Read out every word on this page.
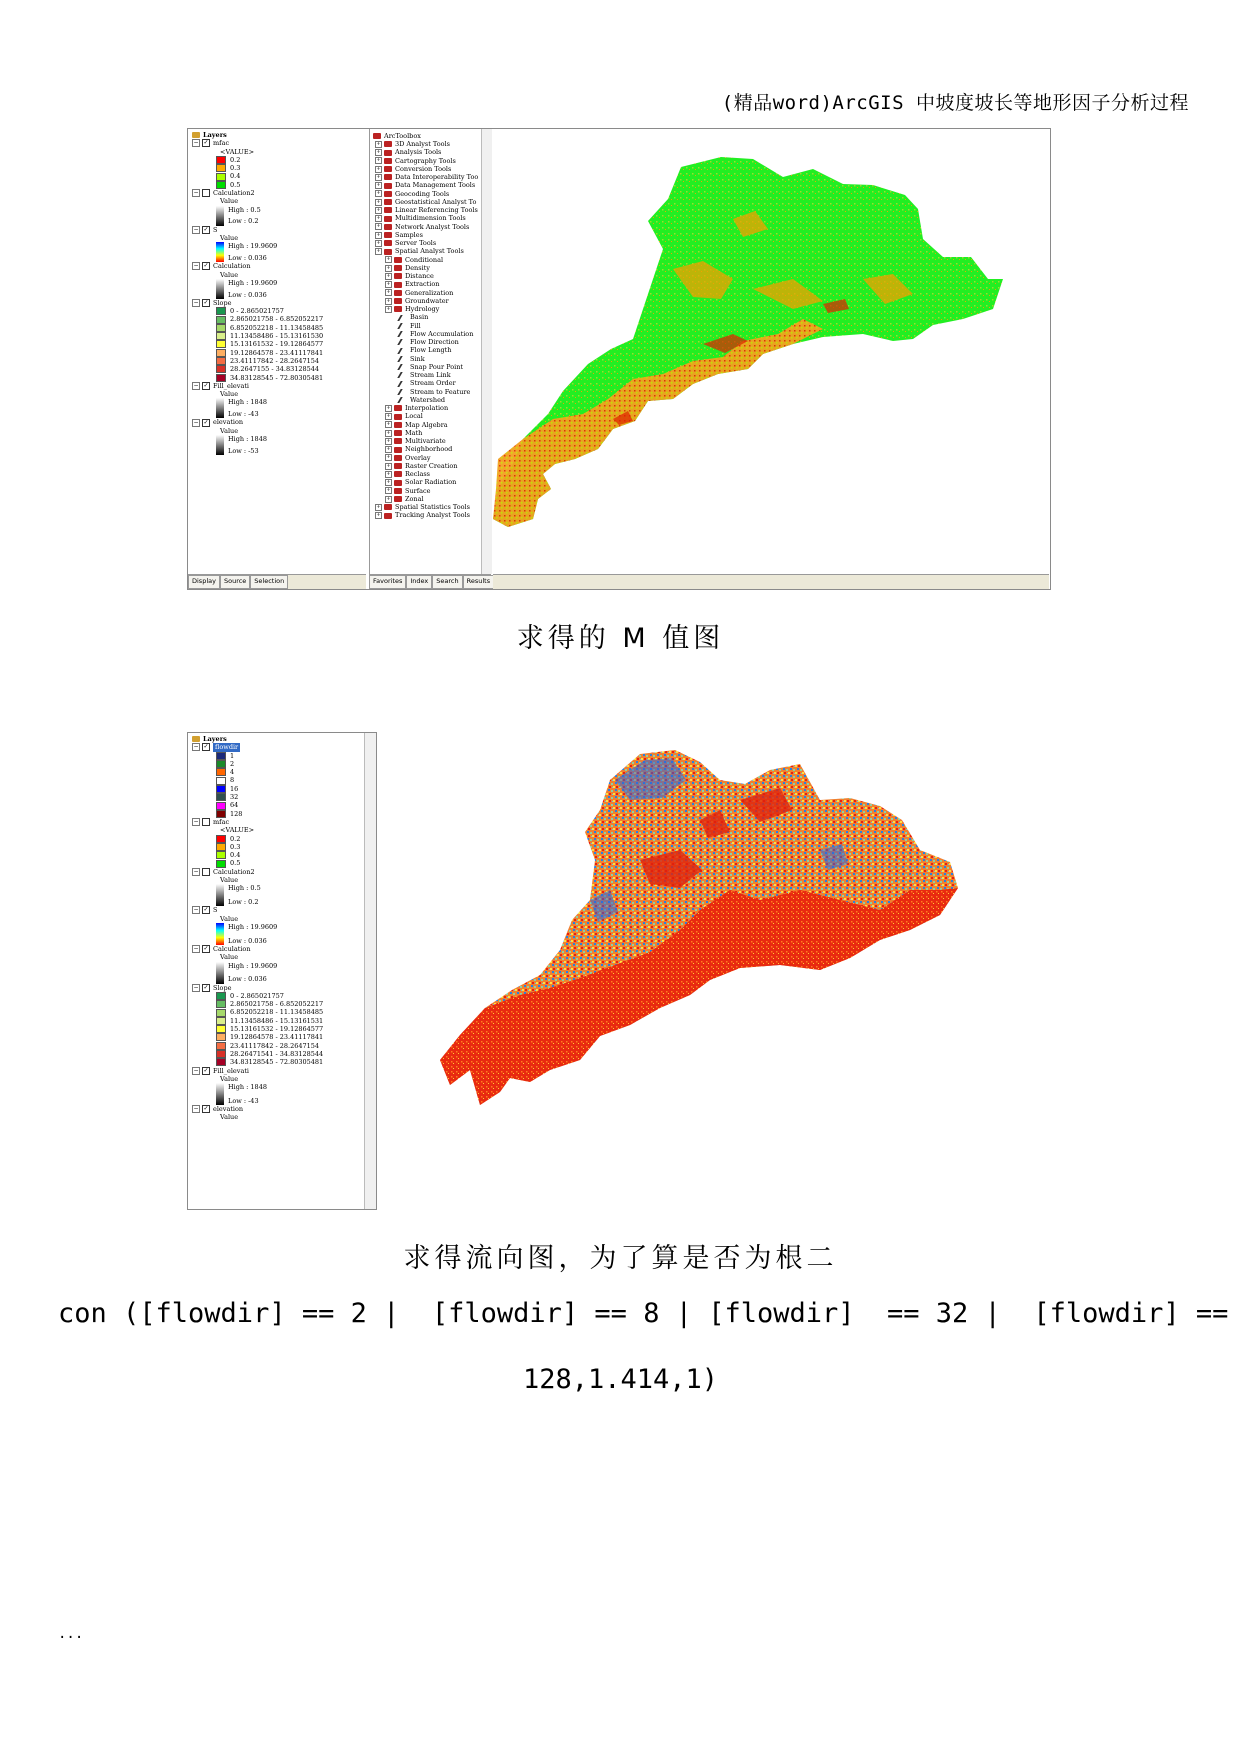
(精品word)ArcGIS 中坡度坡长等地形因子分析过程
Layers
− ✓ mfac
<VALUE>
0.2
0.3
0.4
0.5
− Calculation2
Value
High : 0.5
Low : 0.2
− ✓ S
Value
High : 19.9609
Low : 0.036
− ✓ Calculation
Value
High : 19.9609
Low : 0.036
− ✓ Slope
0 - 2.865021757
2.865021758 - 6.852052217
6.852052218 - 11.13458485
11.13458486 - 15.13161530
15.13161532 - 19.12864577
19.12864578 - 23.41117841
23.41117842 - 28.2647154
28.2647155 - 34.83128544
34.83128545 - 72.80305481
− ✓ Fill_elevati
Value
High : 1848
Low : -43
− ✓ elevation
Value
High : 1848
Low : -53
Display	Source	Selection
ArcToolbox
+ 3D Analyst Tools
+ Analysis Tools
+ Cartography Tools
+ Conversion Tools
+ Data Interoperability Too
+ Data Management Tools
+ Geocoding Tools
+ Geostatistical Analyst To
+ Linear Referencing Tools
+ Multidimension Tools
+ Network Analyst Tools
+ Samples
+ Server Tools
+ Spatial Analyst Tools
+ Conditional
+ Density
+ Distance
+ Extraction
+ Generalization
+ Groundwater
+ Hydrology
Basin
Fill
Flow Accumulation
Flow Direction
Flow Length
Sink
Snap Pour Point
Stream Link
Stream Order
Stream to Feature
Watershed
+ Interpolation
+ Local
+ Map Algebra
+ Math
+ Multivariate
+ Neighborhood
+ Overlay
+ Raster Creation
+ Reclass
+ Solar Radiation
+ Surface
+ Zonal
+ Spatial Statistics Tools
+ Tracking Analyst Tools
Favorites	Index	Search	Results
求得的 M 值图
Layers
− ✓ flowdir
1
2
4
8
16
32
64
128
− mfac
<VALUE>
0.2
0.3
0.4
0.5
− Calculation2
Value
High : 0.5
Low : 0.2
− ✓ S
Value
High : 19.9609
Low : 0.036
− ✓ Calculation
Value
High : 19.9609
Low : 0.036
− ✓ Slope
0 - 2.865021757
2.865021758 - 6.852052217
6.852052218 - 11.13458485
11.13458486 - 15.13161531
15.13161532 - 19.12864577
19.12864578 - 23.41117841
23.41117842 - 28.2647154
28.26471541 - 34.83128544
34.83128545 - 72.80305481
− ✓ Fill_elevati
Value
High : 1848
Low : -43
− ✓ elevation
Value
求得流向图，为了算是否为根二
con ([flowdir] == 2 |  [flowdir] == 8 | [flowdir]  == 32 |  [flowdir] ==
128,1.414,1)
...
